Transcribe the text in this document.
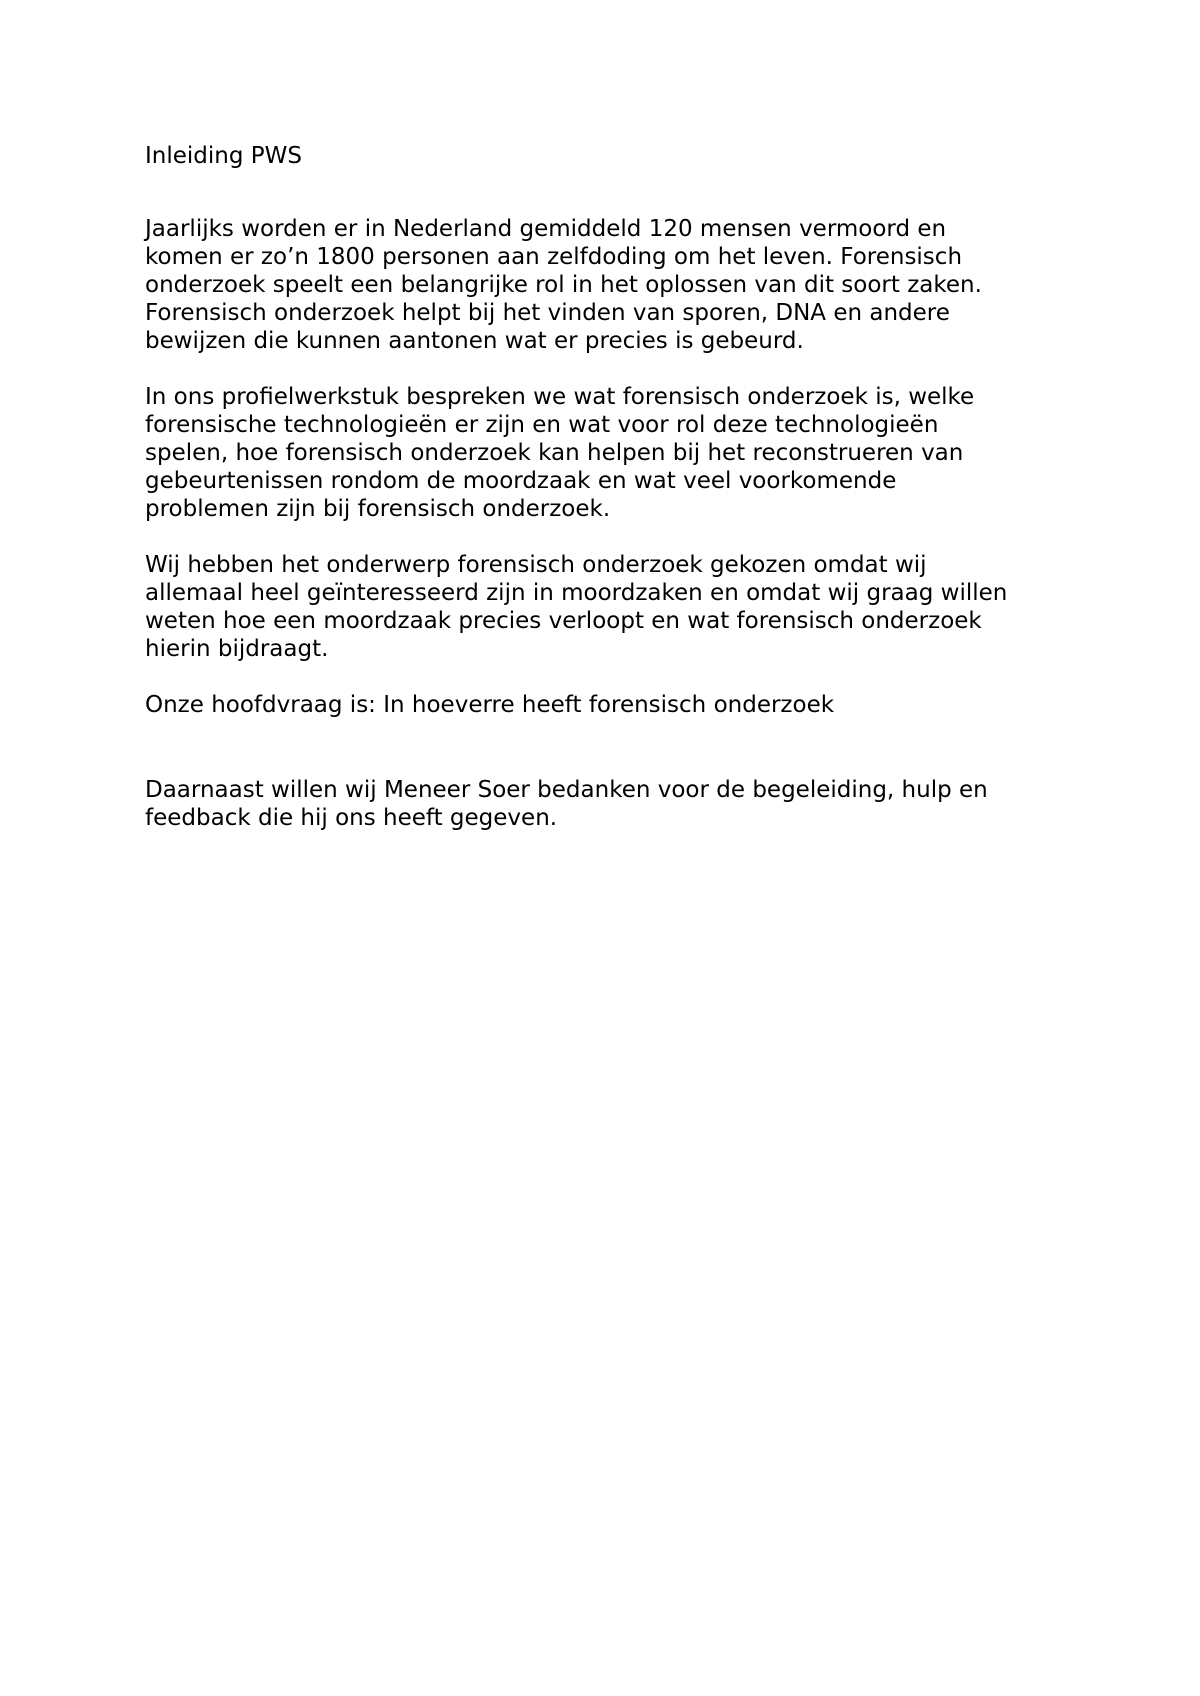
Inleiding PWS
Jaarlijks worden er in Nederland gemiddeld 120 mensen vermoord en
komen er zo’n 1800 personen aan zelfdoding om het leven. Forensisch
onderzoek speelt een belangrijke rol in het oplossen van dit soort zaken.
Forensisch onderzoek helpt bij het vinden van sporen, DNA en andere
bewijzen die kunnen aantonen wat er precies is gebeurd.
In ons profielwerkstuk bespreken we wat forensisch onderzoek is, welke
forensische technologieën er zijn en wat voor rol deze technologieën
spelen, hoe forensisch onderzoek kan helpen bij het reconstrueren van
gebeurtenissen rondom de moordzaak en wat veel voorkomende
problemen zijn bij forensisch onderzoek.
Wij hebben het onderwerp forensisch onderzoek gekozen omdat wij
allemaal heel geïnteresseerd zijn in moordzaken en omdat wij graag willen
weten hoe een moordzaak precies verloopt en wat forensisch onderzoek
hierin bijdraagt.
Onze hoofdvraag is: In hoeverre heeft forensisch onderzoek
Daarnaast willen wij Meneer Soer bedanken voor de begeleiding, hulp en
feedback die hij ons heeft gegeven.
